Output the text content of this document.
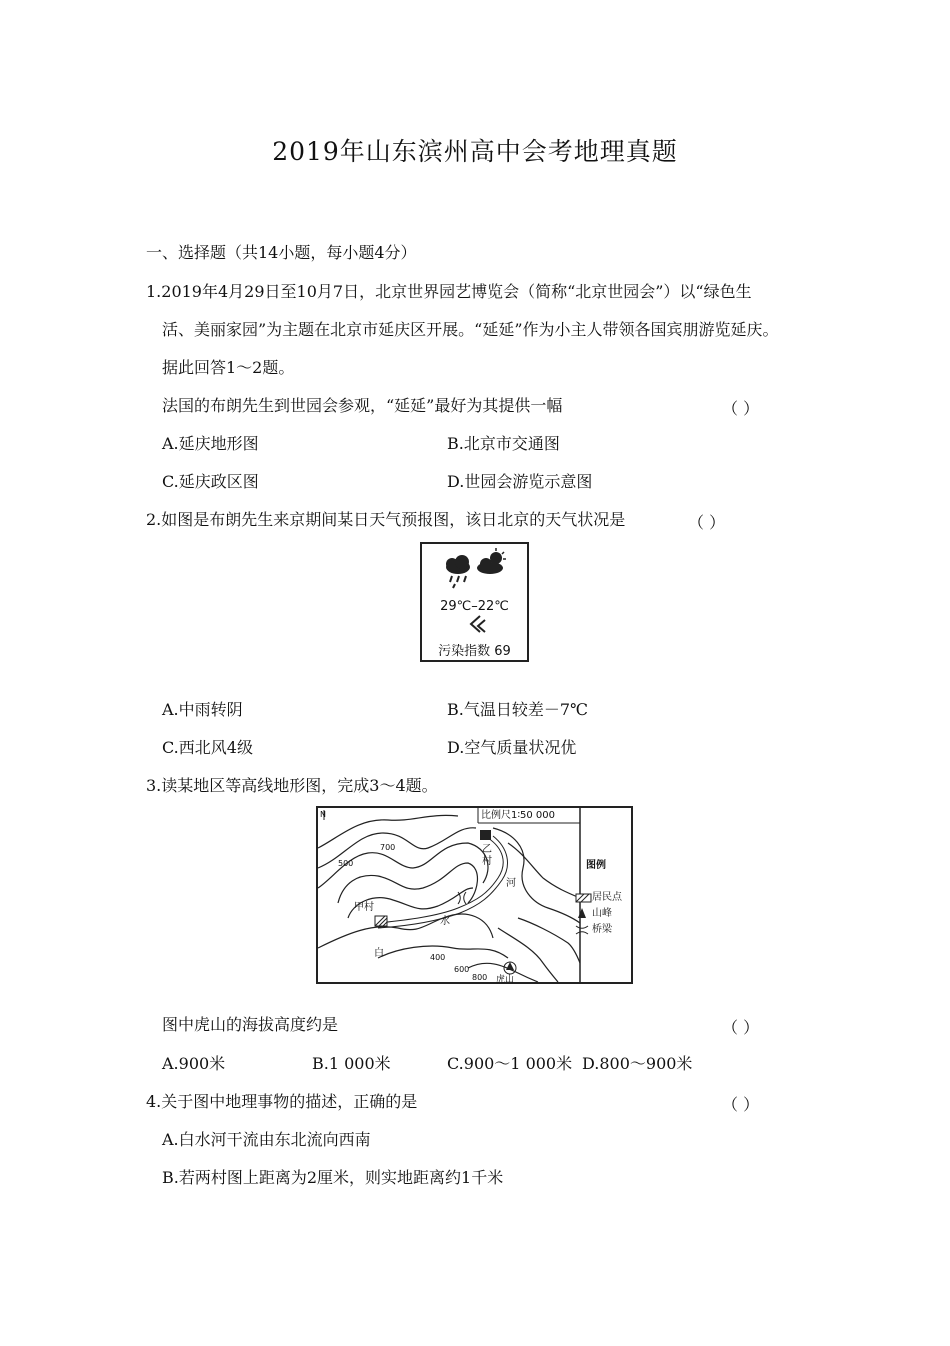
2019年山东滨州高中会考地理真题
一、选择题（共14小题，每小题4分）
1.2019年4月29日至10月7日，北京世界园艺博览会（简称“北京世园会”）以“绿色生
活、美丽家园”为主题在北京市延庆区开展。“延延”作为小主人带领各国宾朋游览延庆。
据此回答1～2题。
法国的布朗先生到世园会参观，“延延”最好为其提供一幅	（ ）
A.延庆地形图	B.北京市交通图
C.延庆政区图	D.世园会游览示意图
2.如图是布朗先生来京期间某日天气预报图，该日北京的天气状况是	（ ）
29℃–22℃
污染指数 69
A.中雨转阴	B.气温日较差－7℃
C.西北风4级	D.空气质量状况优
3.读某地区等高线地形图，完成3～4题。
N	比例尺1∶50 000
图例
居民点
山峰
桥梁
甲村
乙村
河
水
白
虎山
700
500
400
600
800
图中虎山的海拔高度约是	（ ）
A.900米	B.1 000米	C.900～1 000米 D.800～900米
4.关于图中地理事物的描述，正确的是	（ ）
A.白水河干流由东北流向西南
B.若两村图上距离为2厘米，则实地距离约1千米
